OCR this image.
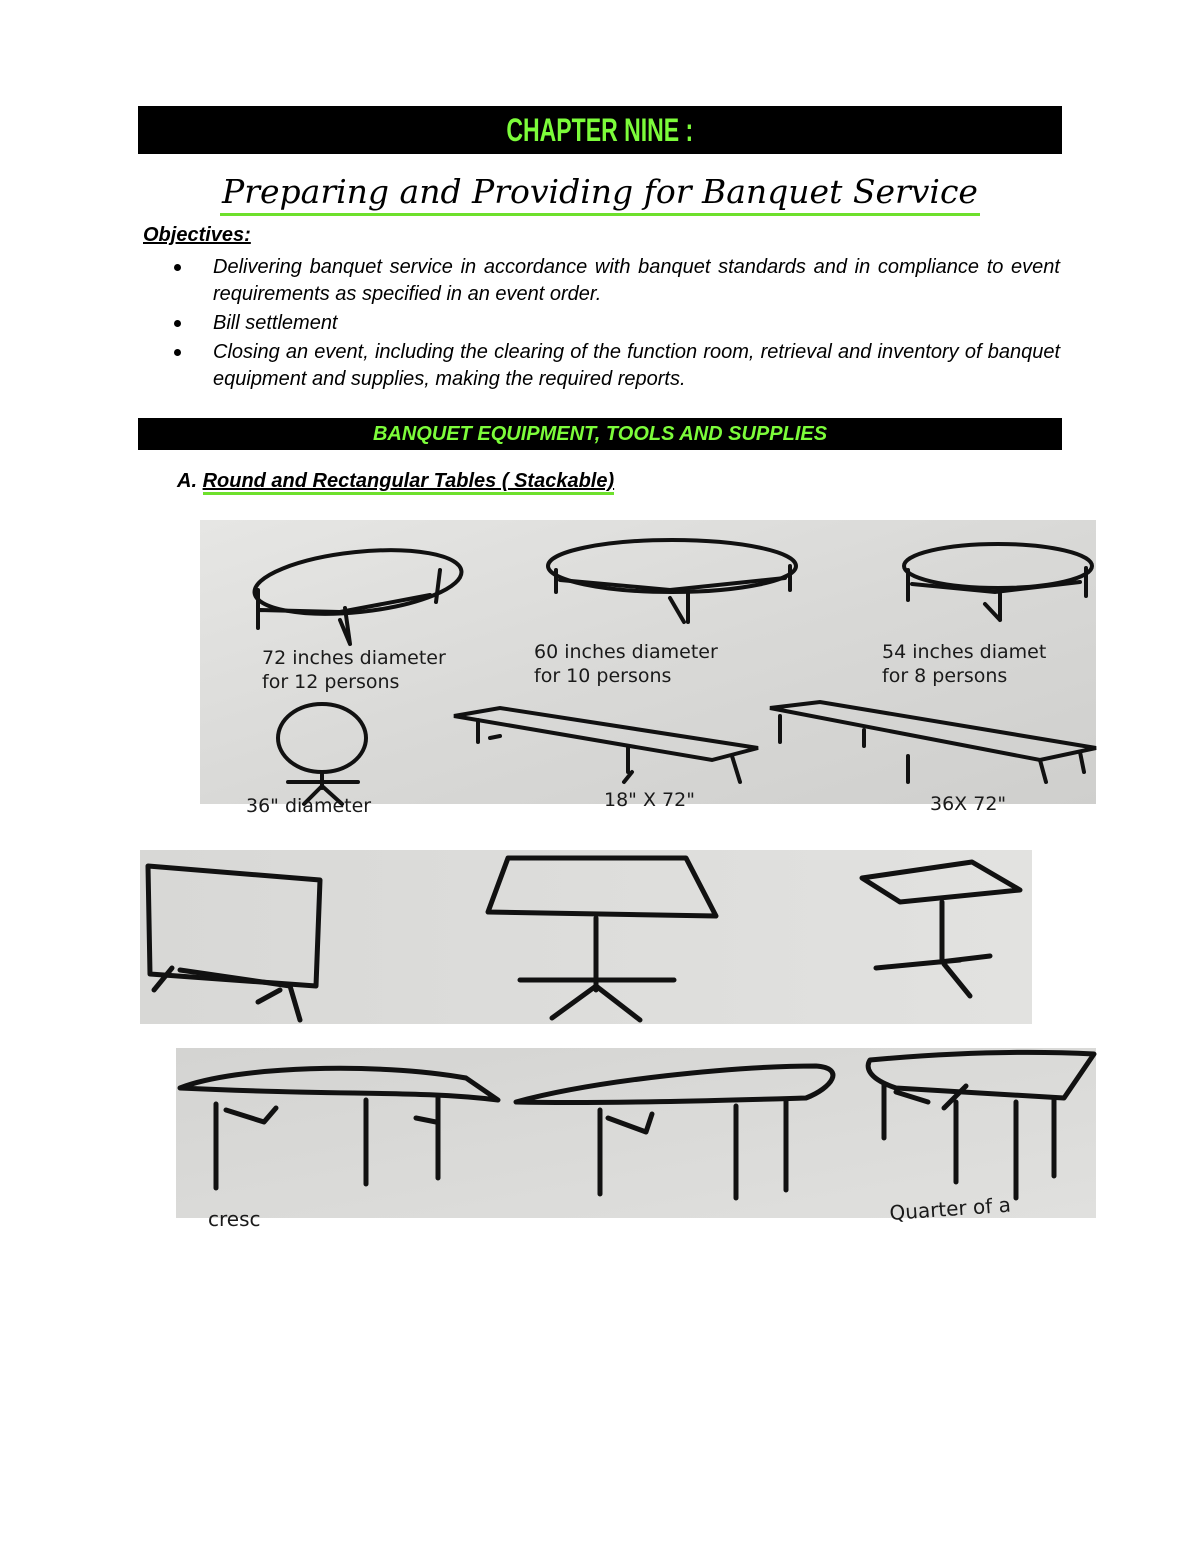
CHAPTER NINE :
Preparing and Providing for Banquet Service
Objectives:
Delivering banquet service in accordance with banquet standards and in compliance to event requirements as specified in an event order.
Bill settlement
Closing an event, including the clearing of the function room, retrieval and inventory of banquet equipment and supplies, making the required reports.
BANQUET EQUIPMENT, TOOLS AND SUPPLIES
A. Round and Rectangular Tables ( Stackable)
72 inches diameter
for 12 persons
60 inches diameter
for 10 persons
54 inches diamet
for 8 persons
36" diameter	18" X 72"	36X 72"
cresc	Quarter of a
